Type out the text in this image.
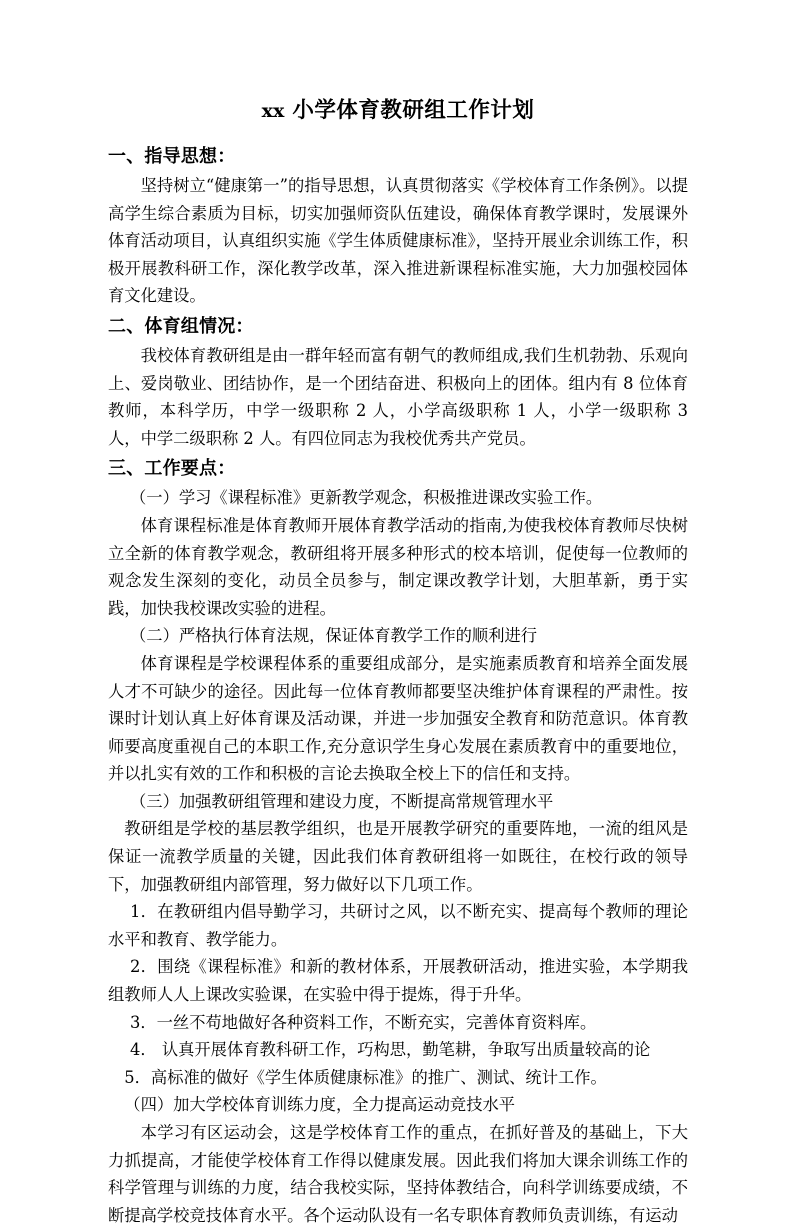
xx 小学体育教研组工作计划
一、指导思想：

坚持树立“健康第一”的指导思想，认真贯彻落实《学校体育工作条例》。以提高学生综合素质为目标，切实加强师资队伍建设，确保体育教学课时，发展课外体育活动项目，认真组织实施《学生体质健康标准》，坚持开展业余训练工作，积极开展教科研工作，深化教学改革，深入推进新课程标准实施，大力加强校园体育文化建设。

二、体育组情况：

我校体育教研组是由一群年轻而富有朝气的教师组成,我们生机勃勃、乐观向上、爱岗敬业、团结协作，是一个团结奋进、积极向上的团体。组内有 8 位体育教师，本科学历，中学一级职称 2 人，小学高级职称 1 人，小学一级职称 3 人，中学二级职称 2 人。有四位同志为我校优秀共产党员。

三、工作要点：

（一）学习《课程标准》更新教学观念，积极推进课改实验工作。

体育课程标准是体育教师开展体育教学活动的指南,为使我校体育教师尽快树立全新的体育教学观念，教研组将开展多种形式的校本培训，促使每一位教师的观念发生深刻的变化，动员全员参与，制定课改教学计划，大胆革新，勇于实践，加快我校课改实验的进程。

（二）严格执行体育法规，保证体育教学工作的顺利进行

体育课程是学校课程体系的重要组成部分，是实施素质教育和培养全面发展人才不可缺少的途径。因此每一位体育教师都要坚决维护体育课程的严肃性。按课时计划认真上好体育课及活动课，并进一步加强安全教育和防范意识。体育教师要高度重视自己的本职工作,充分意识学生身心发展在素质教育中的重要地位，并以扎实有效的工作和积极的言论去换取全校上下的信任和支持。

（三）加强教研组管理和建设力度，不断提高常规管理水平

教研组是学校的基层教学组织，也是开展教学研究的重要阵地，一流的组风是保证一流教学质量的关键，因此我们体育教研组将一如既往，在校行政的领导下，加强教研组内部管理，努力做好以下几项工作。

1．在教研组内倡导勤学习，共研讨之风，以不断充实、提高每个教师的理论水平和教育、教学能力。

2．围绕《课程标准》和新的教材体系，开展教研活动，推进实验，本学期我组教师人人上课改实验课，在实验中得于提炼，得于升华。

3．一丝不苟地做好各种资料工作，不断充实，完善体育资料库。

4． 认真开展体育教科研工作，巧构思，勤笔耕，争取写出质量较高的论

5．高标准的做好《学生体质健康标准》的推广、测试、统计工作。

（四）加大学校体育训练力度，全力提高运动竞技水平

本学习有区运动会，这是学校体育工作的重点，在抓好普及的基础上，下大力抓提高，才能使学校体育工作得以健康发展。因此我们将加大课余训练工作的科学管理与训练的力度，结合我校实际，坚持体教结合，向科学训练要成绩，不断提高学校竞技体育水平。各个运动队设有一名专职体育教师负责训练，有运动
